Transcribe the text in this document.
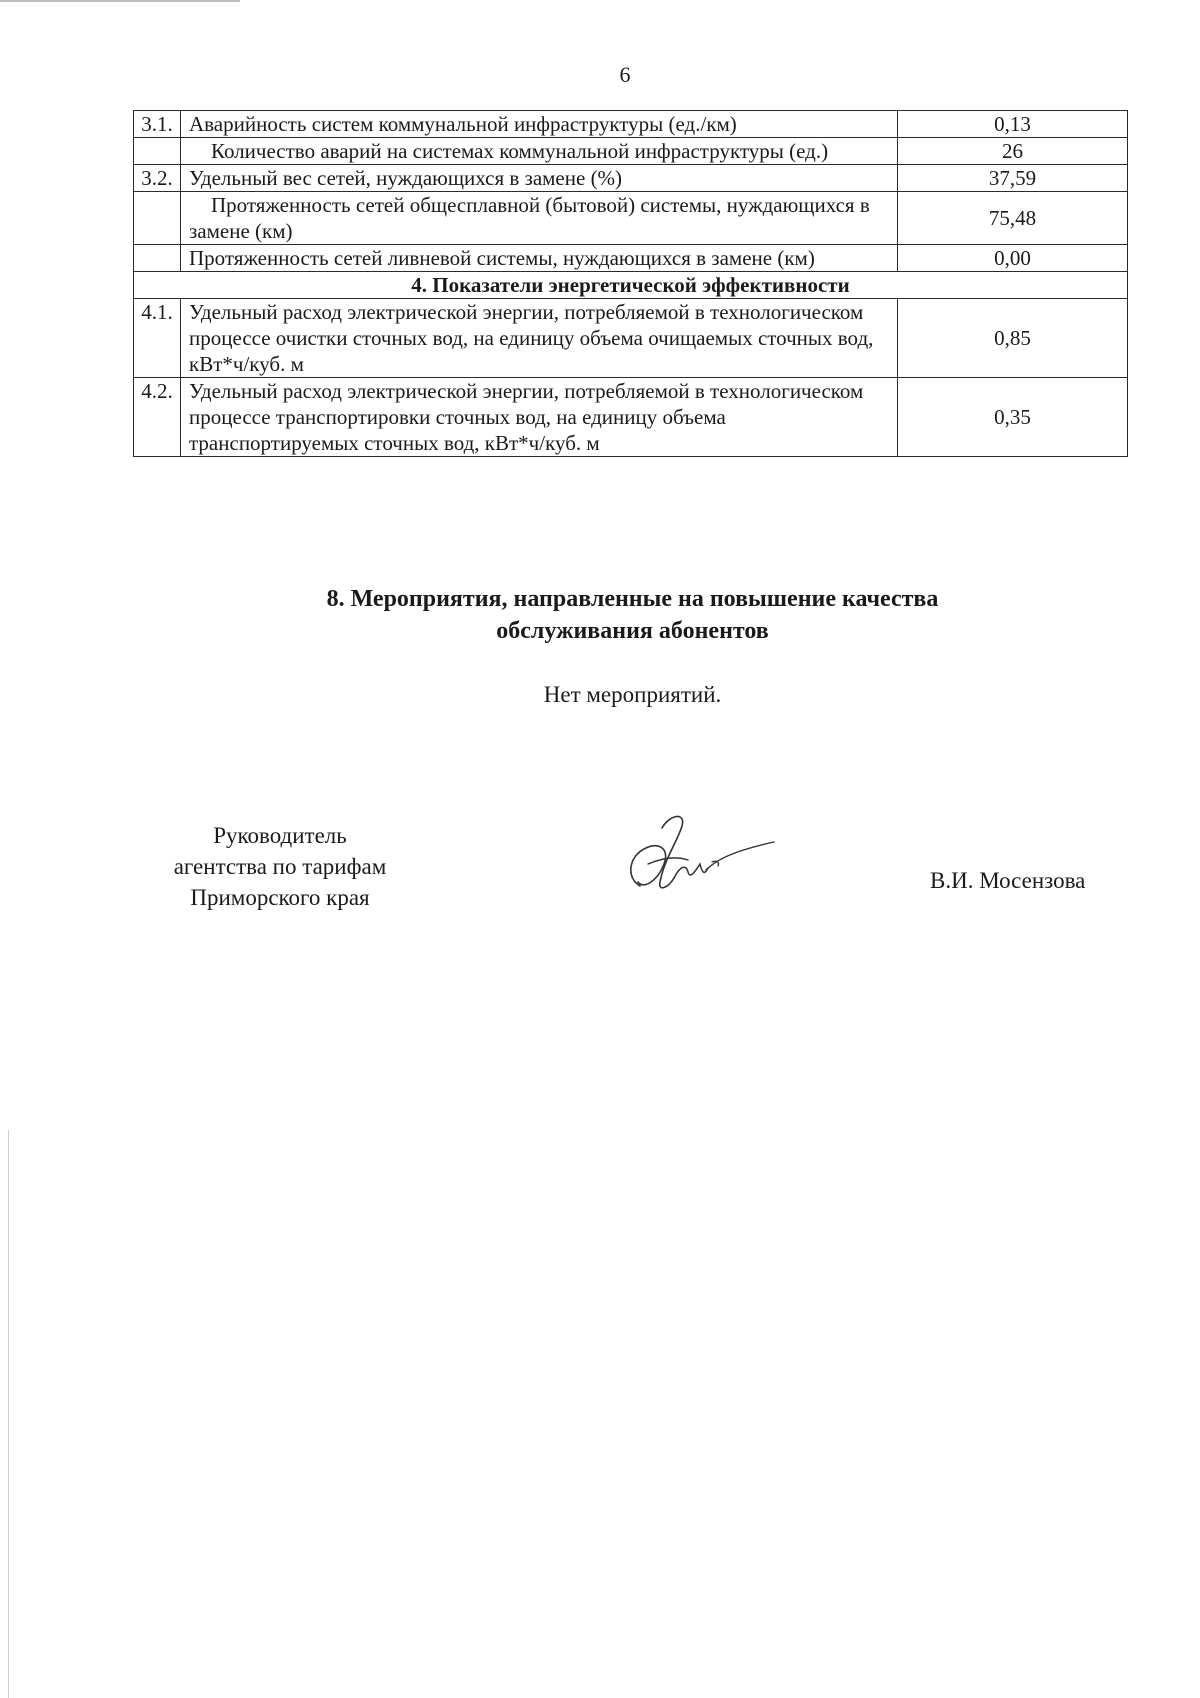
6
3.1.	Аварийность систем коммунальной инфраструктуры (ед./км)	0,13
	Количество аварий на системах коммунальной инфраструктуры (ед.)	26
3.2.	Удельный вес сетей, нуждающихся в замене (%)	37,59
	Протяженность сетей общесплавной (бытовой) системы, нуждающихся в замене (км)	75,48
	Протяженность сетей ливневой системы, нуждающихся в замене (км)	0,00
4. Показатели энергетической эффективности		
4.1.	Удельный расход электрической энергии, потребляемой в технологическом процессе очистки сточных вод, на единицу объема очищаемых сточных вод, кВт*ч/куб. м	0,85
4.2.	Удельный расход электрической энергии, потребляемой в технологическом процессе транспортировки сточных вод, на единицу объема транспортируемых сточных вод, кВт*ч/куб. м	0,35
8. Мероприятия, направленные на повышение качества
обслуживания абонентов
Нет мероприятий.
Руководитель
агентства по тарифам
Приморского края
В.И. Мосензова
